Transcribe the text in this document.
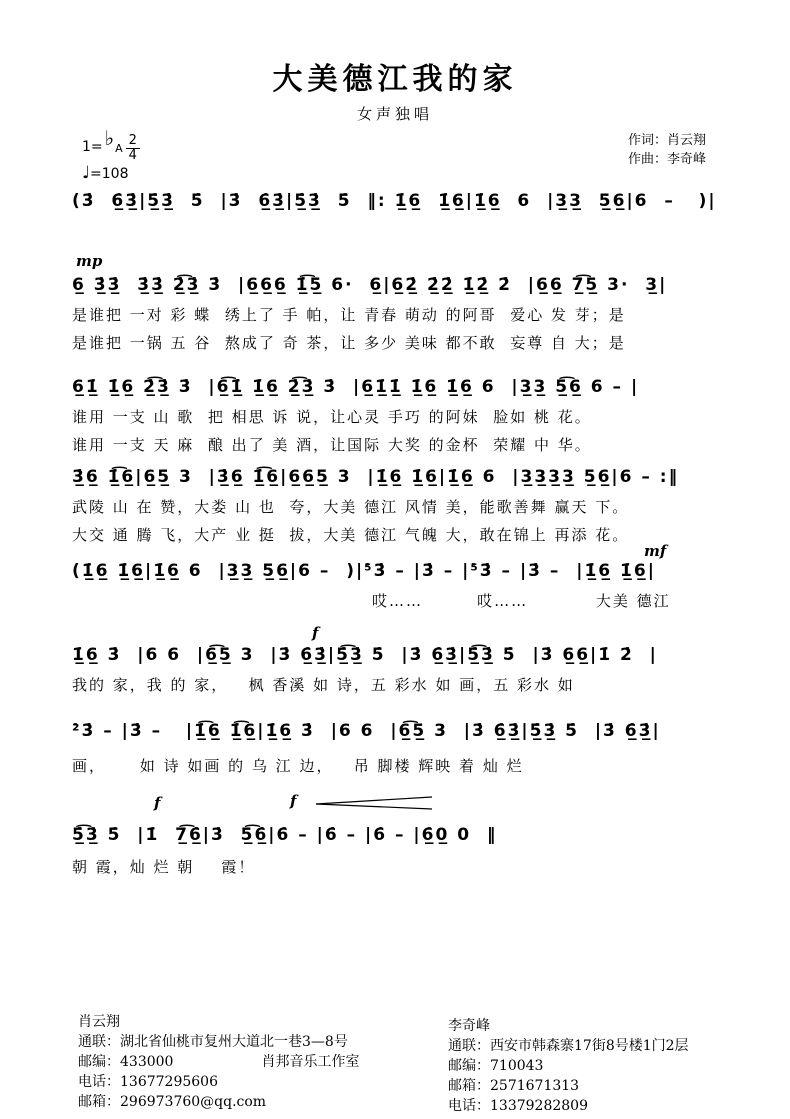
大美德江我的家
女声独唱
1= ♭ A $\frac{2}{4}$
♩=108
作词：肖云翔
作曲：李奇峰
(3̇  6̲̇3̲̇|5̲̇3̲̇  5̇  |3̇  6̲̇3̲̇|5̲̇3̲̇  5̇  ‖: 1̲̇6̲  1̲̇6̲|1̲̇6̲  6  |3̲3̲  5̲6̲|6  –   )|
mp
6̲ 3̲̇3̲̇  3̲̇3̲̇ 2̲̇͡3̲̇ 3̇  |6̲6̲6̲ 1̲̇͡5̲ 6·  6̲|6̲2̲̇ 2̲̇2̲̇ 1̲̇2̲̇ 2̇  |6̲6̲ 7̲͡5̲ 3·  3̲|
是谁把 一对 彩 蝶  绣上了 手 帕，让 青春 萌动 的阿哥  爱心 发 芽；是
是谁把 一锅 五 谷  熬成了 奇 茶，让 多少 美味 都不敢  妄尊 自 大；是
6̲1̲̇ 1̲̇6̲ 2̲̇͡3̲̇ 3̇  |6̲͡1̲̇ 1̲̇6̲ 2̲̇͡3̲̇ 3̇  |6̲1̲̇1̲̇ 1̲̇6̲ 1̲̇6̲ 6  |3̲3̲ 5̲͡6̲ 6 – |
谁用 一支 山 歌  把 相思 诉 说，让心灵 手巧 的阿妹  脸如 桃 花。
谁用 一支 天 麻  酿 出了 美 酒，让国际 大奖 的金杯  荣耀 中 华。
3̲̇6̲ 1̲̇͡6̲|6̲5̲ 3  |3̲̇6̲ 1̲̇͡6̲|6̲6̲5̲ 3  |1̲̇6̲ 1̲̇6̲|1̲̇6̲ 6  |3̲3̲3̲3̲ 5̲6̲|6 – :‖
武陵 山 在 赞，大娄 山 也  夸，大美 德江 风情 美，能歌善舞 赢天 下。
大交 通 腾 飞，大产 业 挺  拔，大美 德江 气魄 大，敢在锦上 再添 花。
mf
(1̲̇6̲ 1̲̇6̲|1̲̇6̲ 6  |3̲3̲ 5̲6̲|6 –  )|⁵̇3̇ – |3̇ – |⁵̇3̇ – |3̇ –  |1̲̇6̲ 1̲̇6̲|
哎……        哎……          大美 德江
f
1̲̇6̲ 3̇  |6 6  |6̲͡5̲ 3  |3̇ 6̲̇3̲̇|5̲̇͡3̲̇ 5̇  |3̇ 6̲̇3̲̇|5̲̇͡3̲̇ 5̇  |3̇ 6̲6̲|1̇ 2̇  |
我的 家，我 的 家，   枫 香溪 如 诗，五 彩水 如 画，五 彩水 如
²̇3̇ – |3̇ –   |1̲̇͡6̲ 1̲̇͡6̲|1̲̇6̲ 3̇  |6 6  |6̲͡5̲ 3  |3̇ 6̲̇3̲̇|5̲̇3̲̇ 5̇  |3̇ 6̲̇3̲̇|
画，     如 诗 如画 的 乌 江 边，   吊 脚楼 辉映 着 灿 烂
f	f
5̲̇͡3̲̇ 5̇  |1̇  7̲͡6̲̇|3̇  5̲͡6̲̇|6̇ – |6̇ – |6̇ – |6̲̇0̲ 0  ‖
朝 霞，灿 烂 朝    霞！
肖云翔
通联：湖北省仙桃市复州大道北一巷3—8号
邮编：433000	肖邦音乐工作室
电话：13677295606
邮箱：296973760@qq.com
李奇峰
通联：西安市韩森寨17街8号楼1门2层
邮编：710043
邮箱：2571671313
电话：13379282809
